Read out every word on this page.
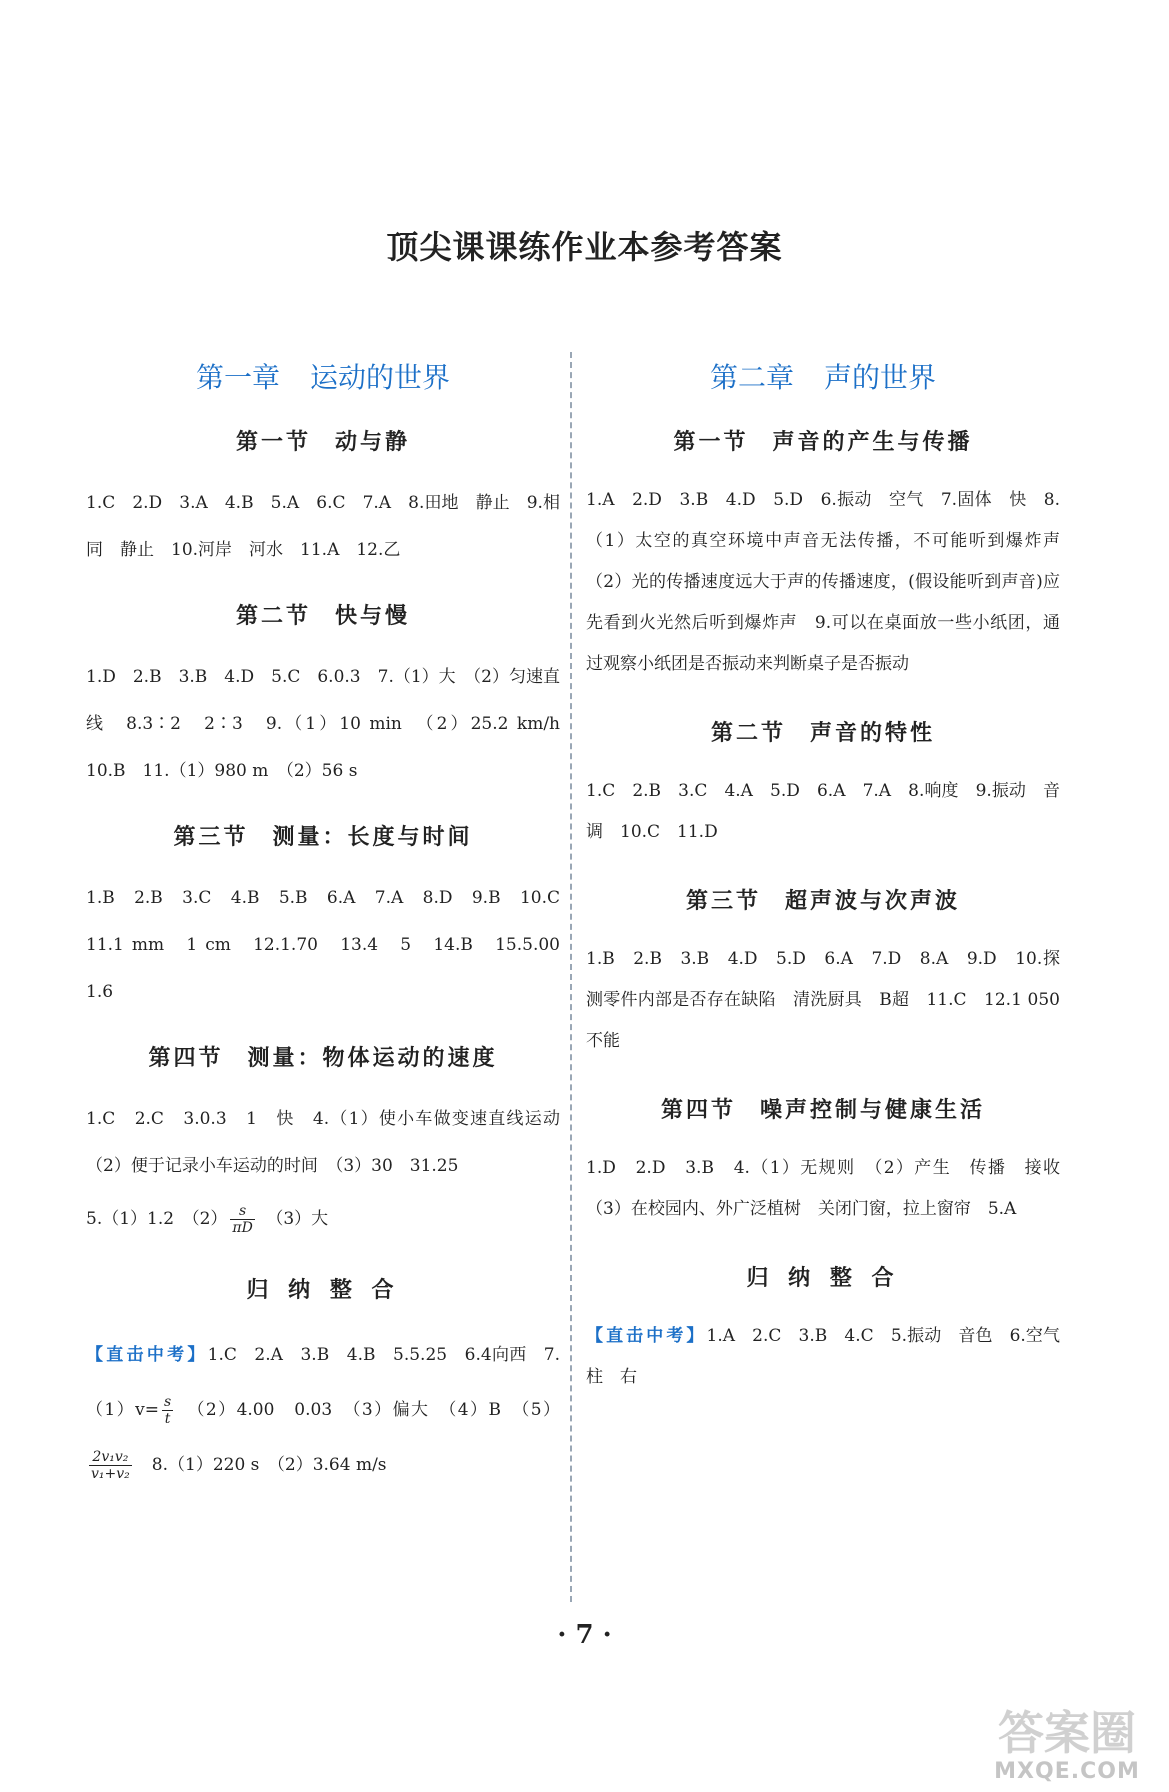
顶尖课课练作业本参考答案
第一章 运动的世界
第一节 动与静

1.C　2.D　3.A　4.B　5.A　6.C　7.A　8.田地　静止　9.相同　静止　10.河岸　河水　11.A　12.乙

第二节 快与慢

1.D　2.B　3.B　4.D　5.C　6.0.3　7.（1）大　（2）匀速直线　8.3∶2　2∶3　9.（1）10 min　（2）25.2 km/h　10.B　11.（1）980 m　（2）56 s

第三节 测量：长度与时间

1.B　2.B　3.C　4.B　5.B　6.A　7.A　8.D　9.B　10.C　11.1 mm　1 cm　12.1.70　13.4　5　14.B　15.5.00　1.6

第四节 测量：物体运动的速度

1.C　2.C　3.0.3　1　快　4.（1）使小车做变速直线运动　（2）便于记录小车运动的时间　（3）30　31.25

5.（1）1.2　$(2) \frac{s}{\pi D}$ 　（3）大

归 纳 整 合

【直击中考】1.C　2.A　3.B　4.B　5.5.25　6.4向西　$7.(1)v= \frac{s}{t}$ 　（2）4.00　0.03　（3）偏大　（4）B　（5）
$\frac{\text{2v₁v₂}}{\text{v₁+v₂}}$ 　8.（1）220 s　（2）3.64 m/s

第二章 声的世界
第一节 声音的产生与传播

1.A　2.D　3.B　4.D　5.D　6.振动　空气　7.固体　快　8.（1）太空的真空环境中声音无法传播，不可能听到爆炸声　（2）光的传播速度远大于声的传播速度，(假设能听到声音)应先看到火光然后听到爆炸声　9.可以在桌面放一些小纸团，通过观察小纸团是否振动来判断桌子是否振动

第二节 声音的特性

1.C　2.B　3.C　4.A　5.D　6.A　7.A　8.响度　9.振动　音调　10.C　11.D

第三节 超声波与次声波

1.B　2.B　3.B　4.D　5.D　6.A　7.D　8.A　9.D　10.探测零件内部是否存在缺陷　清洗厨具　B超　11.C　12.1 050　不能

第四节 噪声控制与健康生活

1.D　2.D　3.B　4.（1）无规则　（2）产生　传播　接收　（3）在校园内、外广泛植树　关闭门窗，拉上窗帘　5.A

归 纳 整 合

【直击中考】1.A　2.C　3.B　4.C　5.振动　音色　6.空气柱　右

· 7 ·
答案圈
MXQE.COM
